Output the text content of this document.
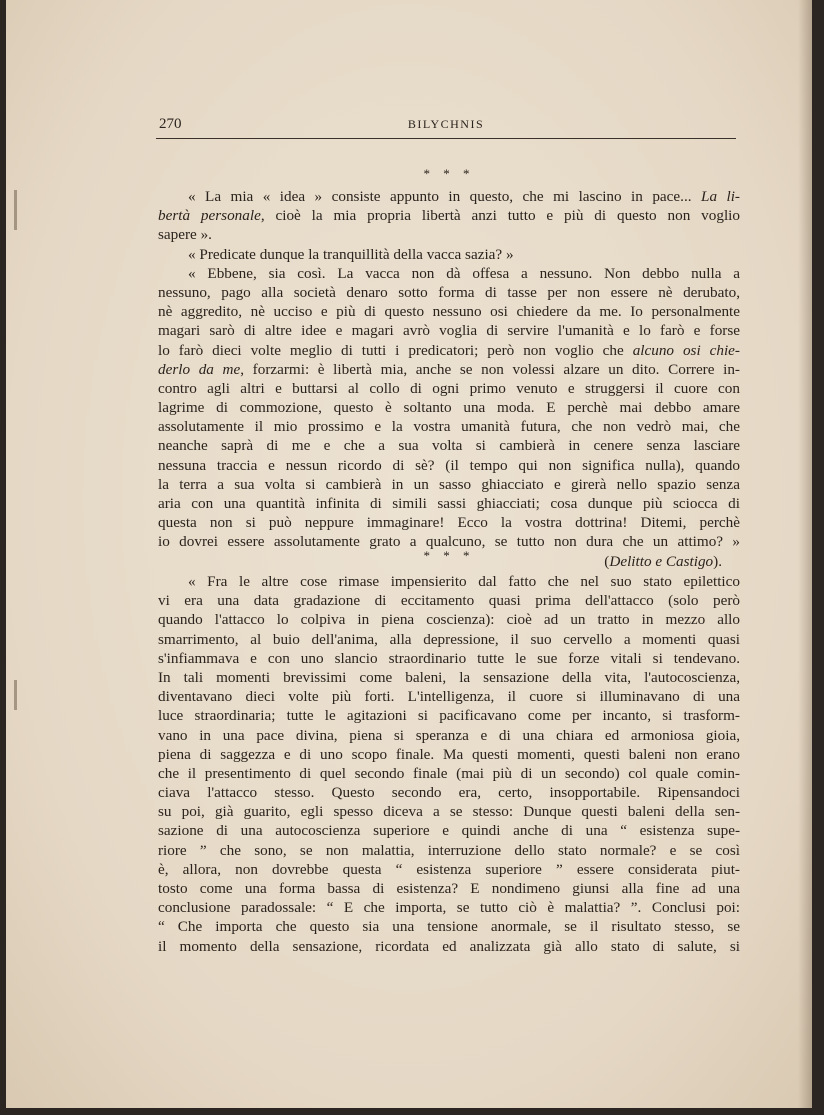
270	BILYCHNIS
* * *
« La mia « idea » consiste appunto in questo, che mi lascino in pace... La li-
bertà personale, cioè la mia propria libertà anzi tutto e più di questo non voglio
sapere ».
« Predicate dunque la tranquillità della vacca sazia? »
« Ebbene, sia così. La vacca non dà offesa a nessuno. Non debbo nulla a
nessuno, pago alla società denaro sotto forma di tasse per non essere nè derubato,
nè aggredito, nè ucciso e più di questo nessuno osi chiedere da me. Io personalmente
magari sarò di altre idee e magari avrò voglia di servire l'umanità e lo farò e forse
lo farò dieci volte meglio di tutti i predicatori; però non voglio che alcuno osi chie-
derlo da me, forzarmi: è libertà mia, anche se non volessi alzare un dito. Correre in-
contro agli altri e buttarsi al collo di ogni primo venuto e struggersi il cuore con
lagrime di commozione, questo è soltanto una moda. E perchè mai debbo amare
assolutamente il mio prossimo e la vostra umanità futura, che non vedrò mai, che
neanche saprà di me e che a sua volta si cambierà in cenere senza lasciare
nessuna traccia e nessun ricordo di sè? (il tempo qui non significa nulla), quando
la terra a sua volta si cambierà in un sasso ghiacciato e girerà nello spazio senza
aria con una quantità infinita di simili sassi ghiacciati; cosa dunque più sciocca di
questa non si può neppure immaginare! Ecco la vostra dottrina! Ditemi, perchè
io dovrei essere assolutamente grato a qualcuno, se tutto non dura che un attimo? »
(Delitto e Castigo).
* * *
« Fra le altre cose rimase impensierito dal fatto che nel suo stato epilettico
vi era una data gradazione di eccitamento quasi prima dell'attacco (solo però
quando l'attacco lo colpiva in piena coscienza): cioè ad un tratto in mezzo allo
smarrimento, al buio dell'anima, alla depressione, il suo cervello a momenti quasi
s'infiammava e con uno slancio straordinario tutte le sue forze vitali si tendevano.
In tali momenti brevissimi come baleni, la sensazione della vita, l'autocoscienza,
diventavano dieci volte più forti. L'intelligenza, il cuore si illuminavano di una
luce straordinaria; tutte le agitazioni si pacificavano come per incanto, si trasform-
vano in una pace divina, piena si speranza e di una chiara ed armoniosa gioia,
piena di saggezza e di uno scopo finale. Ma questi momenti, questi baleni non erano
che il presentimento di quel secondo finale (mai più di un secondo) col quale comin-
ciava l'attacco stesso. Questo secondo era, certo, insopportabile. Ripensandoci
su poi, già guarito, egli spesso diceva a se stesso: Dunque questi baleni della sen-
sazione di una autocoscienza superiore e quindi anche di una “ esistenza supe-
riore ” che sono, se non malattia, interruzione dello stato normale? e se così
è, allora, non dovrebbe questa “ esistenza superiore ” essere considerata piut-
tosto come una forma bassa di esistenza? E nondimeno giunsi alla fine ad una
conclusione paradossale: “ E che importa, se tutto ciò è malattia? ”. Conclusi poi:
“ Che importa che questo sia una tensione anormale, se il risultato stesso, se
il momento della sensazione, ricordata ed analizzata già allo stato di salute, si
